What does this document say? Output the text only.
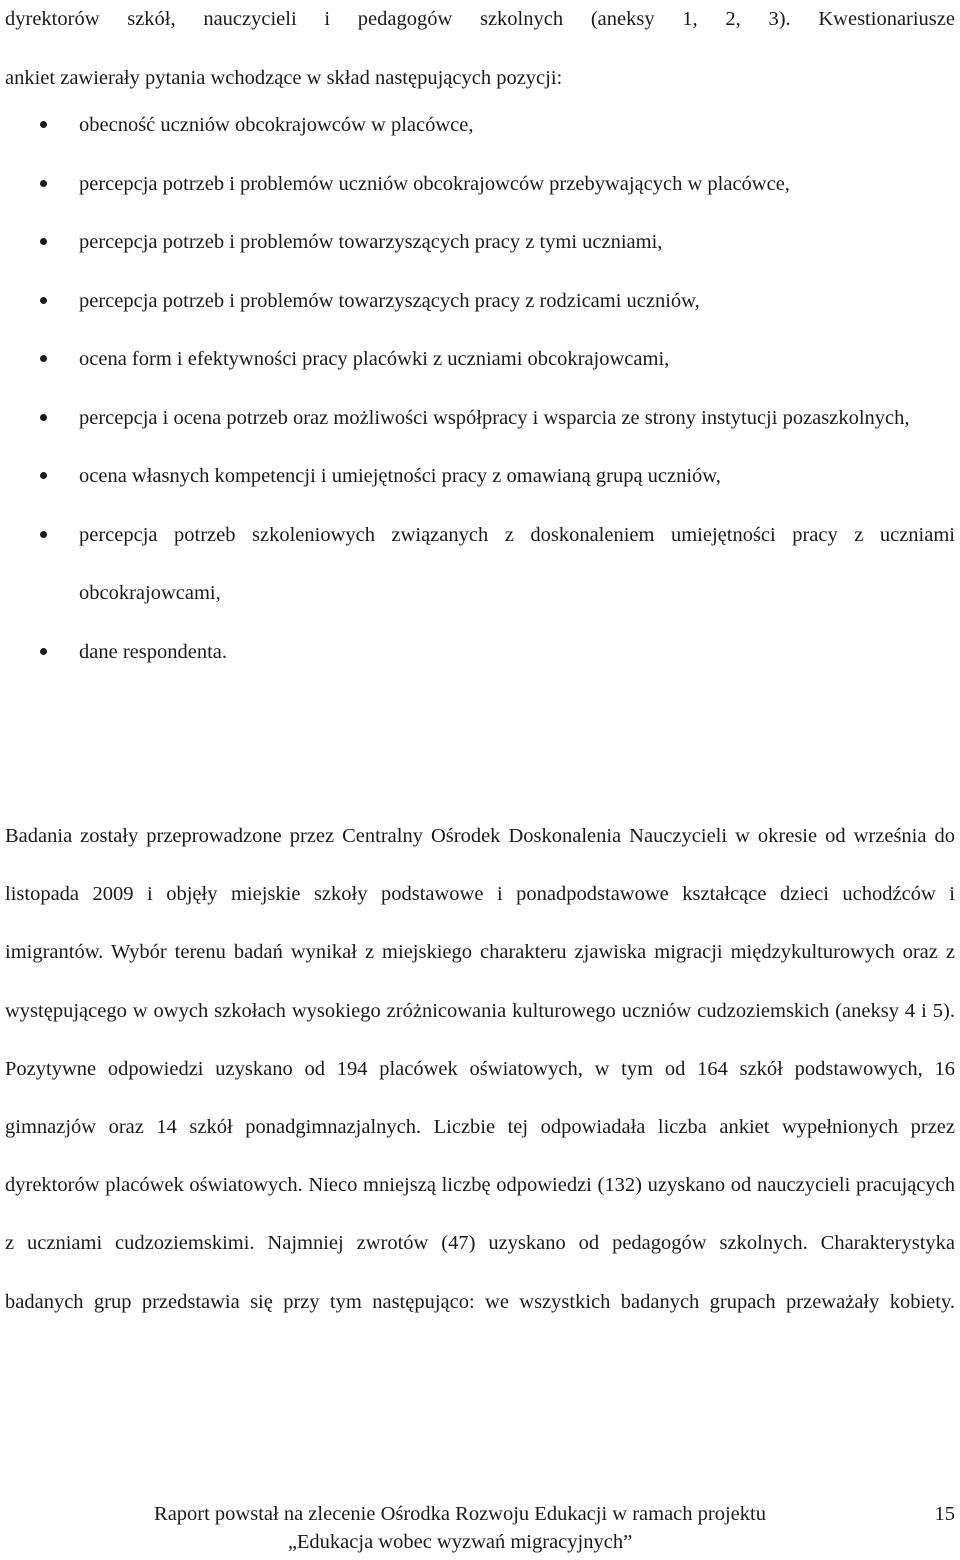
dyrektorów szkół, nauczycieli i pedagogów szkolnych (aneksy 1, 2, 3). Kwestionariusze
ankiet zawierały pytania wchodzące w skład następujących pozycji:
obecność uczniów obcokrajowców w placówce,
percepcja potrzeb i problemów uczniów obcokrajowców przebywających w placówce,
percepcja potrzeb i problemów towarzyszących pracy z tymi uczniami,
percepcja potrzeb i problemów towarzyszących pracy z rodzicami uczniów,
ocena form i efektywności pracy placówki z uczniami obcokrajowcami,
percepcja i ocena potrzeb oraz możliwości współpracy i wsparcia ze strony instytucji pozaszkolnych,
ocena własnych kompetencji i umiejętności pracy z omawianą grupą uczniów,
percepcja potrzeb szkoleniowych związanych z doskonaleniem umiejętności pracy z uczniami obcokrajowcami,
dane respondenta.

Badania zostały przeprowadzone przez Centralny Ośrodek Doskonalenia Nauczycieli w okresie od września do listopada 2009 i objęły miejskie szkoły podstawowe i ponadpodstawowe kształcące dzieci uchodźców i imigrantów. Wybór terenu badań wynikał z miejskiego charakteru zjawiska migracji międzykulturowych oraz z występującego w owych szkołach wysokiego zróżnicowania kulturowego uczniów cudzoziemskich (aneksy 4 i 5). Pozytywne odpowiedzi uzyskano od 194 placówek oświatowych, w tym od 164 szkół podstawowych, 16 gimnazjów oraz 14 szkół ponadgimnazjalnych. Liczbie tej odpowiadała liczba ankiet wypełnionych przez dyrektorów placówek oświatowych. Nieco mniejszą liczbę odpowiedzi (132) uzyskano od nauczycieli pracujących z uczniami cudzoziemskimi. Najmniej zwrotów (47) uzyskano od pedagogów szkolnych. Charakterystyka badanych grup przedstawia się przy tym następująco: we wszystkich badanych grupach przeważały kobiety.

Raport powstał na zlecenie Ośrodka Rozwoju Edukacji w ramach projektu
„Edukacja wobec wyzwań migracyjnych”
15
